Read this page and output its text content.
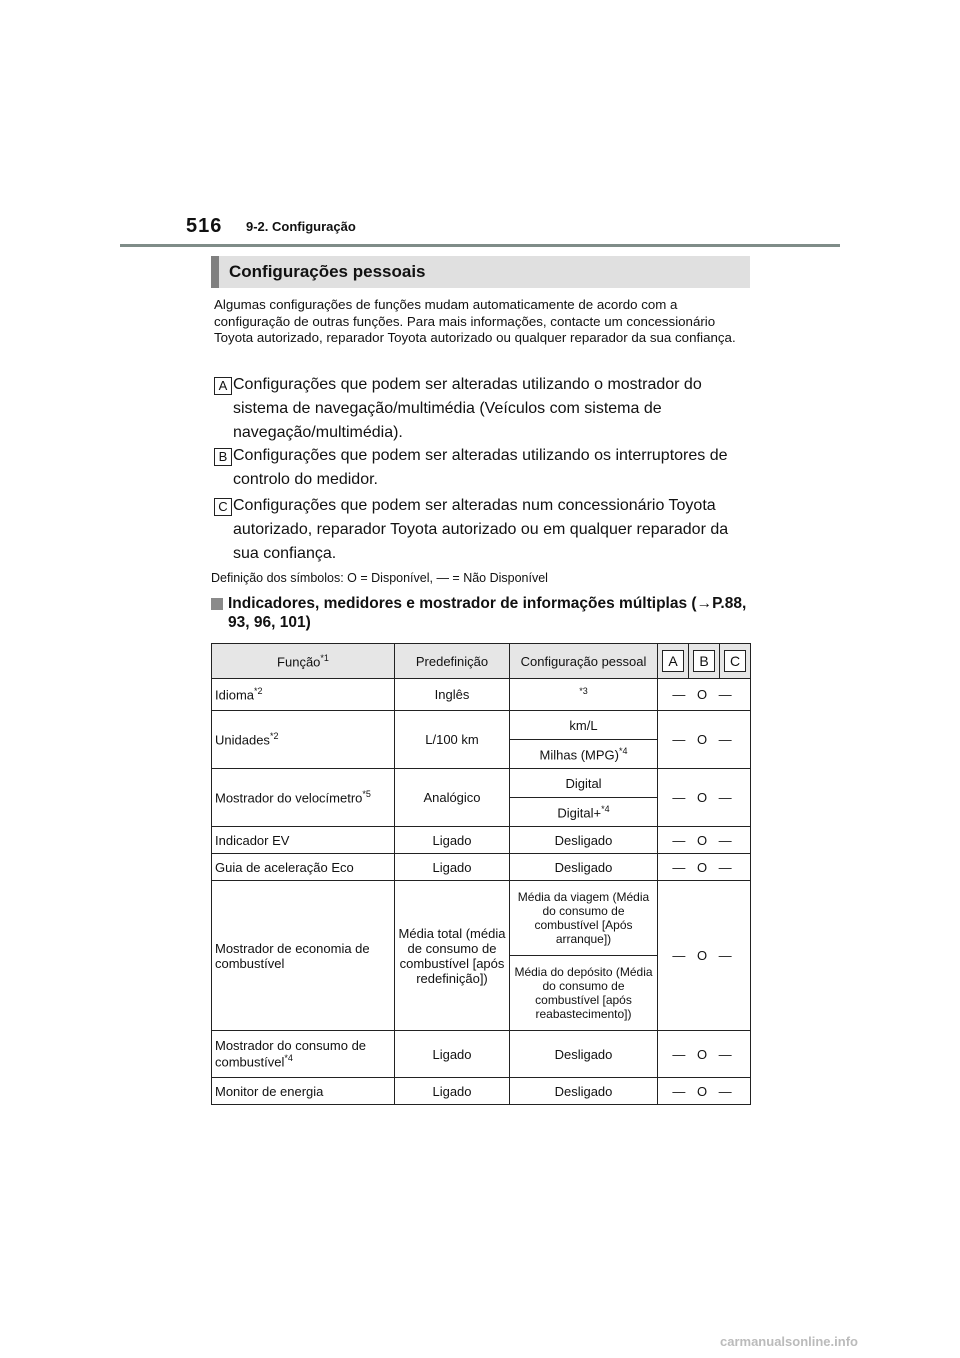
516 9-2. Configuração
Configurações pessoais
Algumas configurações de funções mudam automaticamente de acordo com a configuração de outras funções. Para mais informações, contacte um concessionário Toyota autorizado, reparador Toyota autorizado ou qualquer reparador da sua confiança.
A Configurações que podem ser alteradas utilizando o mostrador do sistema de navegação/multimédia (Veículos com sistema de navegação/multimédia).
B Configurações que podem ser alteradas utilizando os interruptores de controlo do medidor.
C Configurações que podem ser alteradas num concessionário Toyota autorizado, reparador Toyota autorizado ou em qualquer reparador da sua confiança.
Definição dos símbolos: O = Disponível, — = Não Disponível
Indicadores, medidores e mostrador de informações múltiplas (→P.88, 93, 96, 101)
Função$^{*1}$	Predefinição	Configuração pessoal	A	B	C
Idioma$^{*2}$	Inglês	$^{*3}$	— O —		
Unidades$^{*2}$	L/100 km	km/L	— O —		
		Milhas (MPG)$^{*4}$
Mostrador do velocímetro$^{*5}$	Analógico	Digital	— O —		
		Digital+$^{*4}$
Indicador EV	Ligado	Desligado	— O —		
Guia de aceleração Eco	Ligado	Desligado	— O —		
Mostrador de economia de combustível	Média total (média de consumo de combustível [após redefinição])	Média da viagem (Média do consumo de combustível [Após arranque])	— O —		
		Média do depósito (Média do consumo de combustível [após reabastecimento])			
Mostrador do consumo de combustível$^{*4}$	Ligado	Desligado	— O —		
Monitor de energia	Ligado	Desligado	— O —		
carmanualsonline.info
